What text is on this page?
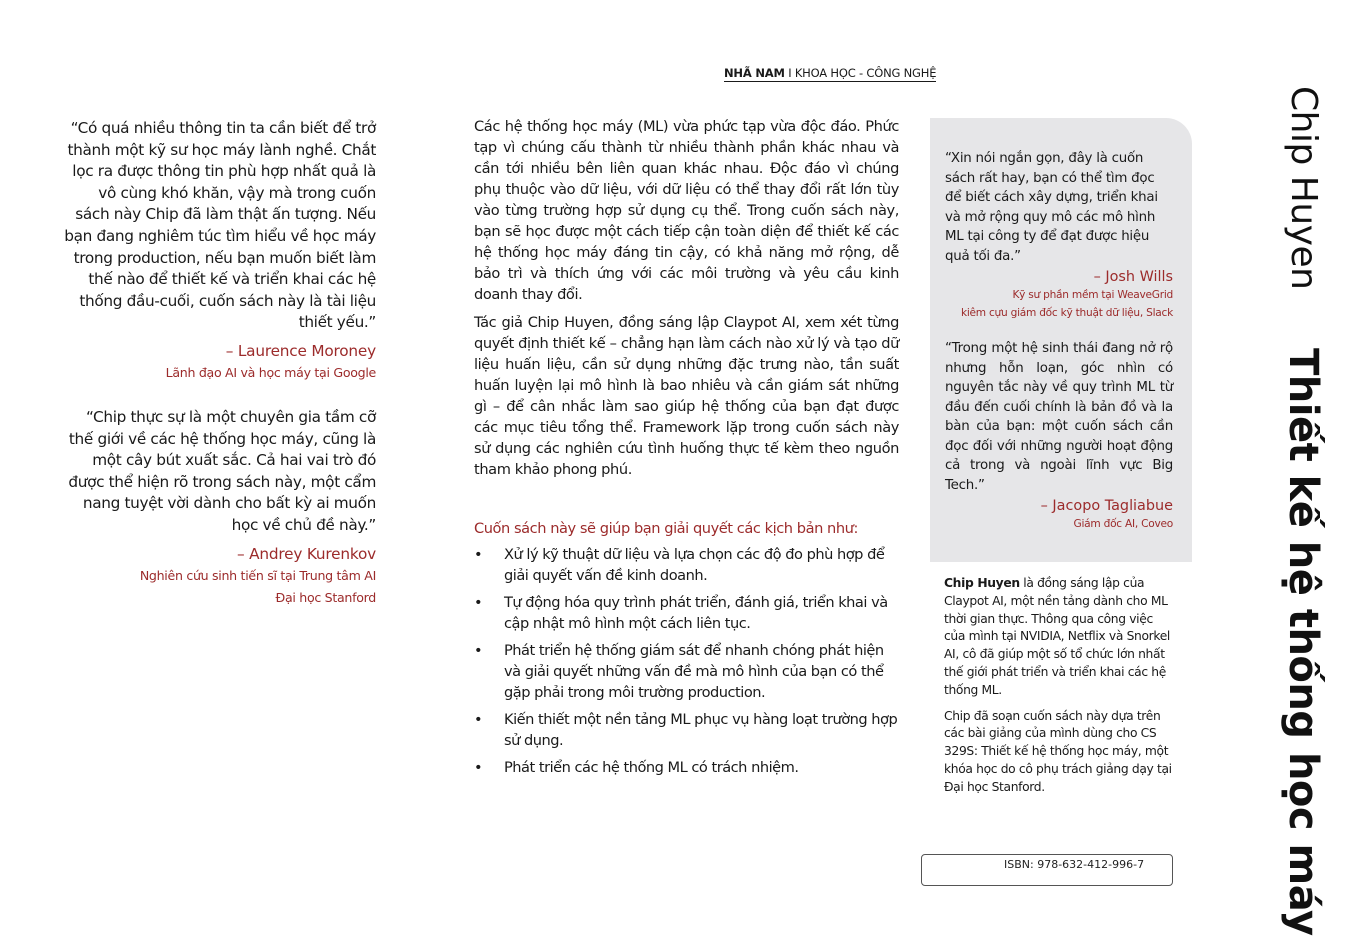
NHÃ NAM I KHOA HỌC - CÔNG NGHỆ

“Có quá nhiều thông tin ta cần biết để trở thành một kỹ sư học máy lành nghề. Chắt lọc ra được thông tin phù hợp nhất quả là vô cùng khó khăn, vậy mà trong cuốn sách này Chip đã làm thật ấn tượng. Nếu bạn đang nghiêm túc tìm hiểu về học máy trong production, nếu bạn muốn biết làm thế nào để thiết kế và triển khai các hệ thống đầu-cuối, cuốn sách này là tài liệu thiết yếu.”

– Laurence Moroney
Lãnh đạo AI và học máy tại Google

“Chip thực sự là một chuyên gia tầm cỡ thế giới về các hệ thống học máy, cũng là một cây bút xuất sắc. Cả hai vai trò đó được thể hiện rõ trong sách này, một cẩm nang tuyệt vời dành cho bất kỳ ai muốn học về chủ đề này.”

– Andrey Kurenkov
Nghiên cứu sinh tiến sĩ tại Trung tâm AI
Đại học Stanford

Các hệ thống học máy (ML) vừa phức tạp vừa độc đáo. Phức tạp vì chúng cấu thành từ nhiều thành phần khác nhau và cần tới nhiều bên liên quan khác nhau. Độc đáo vì chúng phụ thuộc vào dữ liệu, với dữ liệu có thể thay đổi rất lớn tùy vào từng trường hợp sử dụng cụ thể. Trong cuốn sách này, bạn sẽ học được một cách tiếp cận toàn diện để thiết kế các hệ thống học máy đáng tin cậy, có khả năng mở rộng, dễ bảo trì và thích ứng với các môi trường và yêu cầu kinh doanh thay đổi.

Tác giả Chip Huyen, đồng sáng lập Claypot AI, xem xét từng quyết định thiết kế – chẳng hạn làm cách nào xử lý và tạo dữ liệu huấn liệu, cần sử dụng những đặc trưng nào, tần suất huấn luyện lại mô hình là bao nhiêu và cần giám sát những gì – để cân nhắc làm sao giúp hệ thống của bạn đạt được các mục tiêu tổng thể. Framework lặp trong cuốn sách này sử dụng các nghiên cứu tình huống thực tế kèm theo nguồn tham khảo phong phú.

Cuốn sách này sẽ giúp bạn giải quyết các kịch bản như:
• Xử lý kỹ thuật dữ liệu và lựa chọn các độ đo phù hợp để giải quyết vấn đề kinh doanh.
• Tự động hóa quy trình phát triển, đánh giá, triển khai và cập nhật mô hình một cách liên tục.
• Phát triển hệ thống giám sát để nhanh chóng phát hiện và giải quyết những vấn đề mà mô hình của bạn có thể gặp phải trong môi trường production.
• Kiến thiết một nền tảng ML phục vụ hàng loạt trường hợp sử dụng.
• Phát triển các hệ thống ML có trách nhiệm.

“Xin nói ngắn gọn, đây là cuốn sách rất hay, bạn có thể tìm đọc để biết cách xây dựng, triển khai và mở rộng quy mô các mô hình ML tại công ty để đạt được hiệu quả tối đa.”

– Josh Wills
Kỹ sư phần mềm tại WeaveGrid
kiêm cựu giám đốc kỹ thuật dữ liệu, Slack

“Trong một hệ sinh thái đang nở rộ nhưng hỗn loạn, góc nhìn có nguyên tắc này về quy trình ML từ đầu đến cuối chính là bản đồ và la bàn của bạn: một cuốn sách cần đọc đối với những người hoạt động cả trong và ngoài lĩnh vực Big Tech.”

– Jacopo Tagliabue
Giám đốc AI, Coveo

Chip Huyen là đồng sáng lập của Claypot AI, một nền tảng dành cho ML thời gian thực. Thông qua công việc của mình tại NVIDIA, Netflix và Snorkel AI, cô đã giúp một số tổ chức lớn nhất thế giới phát triển và triển khai các hệ thống ML.

Chip đã soạn cuốn sách này dựa trên các bài giảng của mình dùng cho CS 329S: Thiết kế hệ thống học máy, một khóa học do cô phụ trách giảng dạy tại Đại học Stanford.

ISBN: 978-632-412-996-7
Chip Huyen
Thiết kế hệ thống học máy
